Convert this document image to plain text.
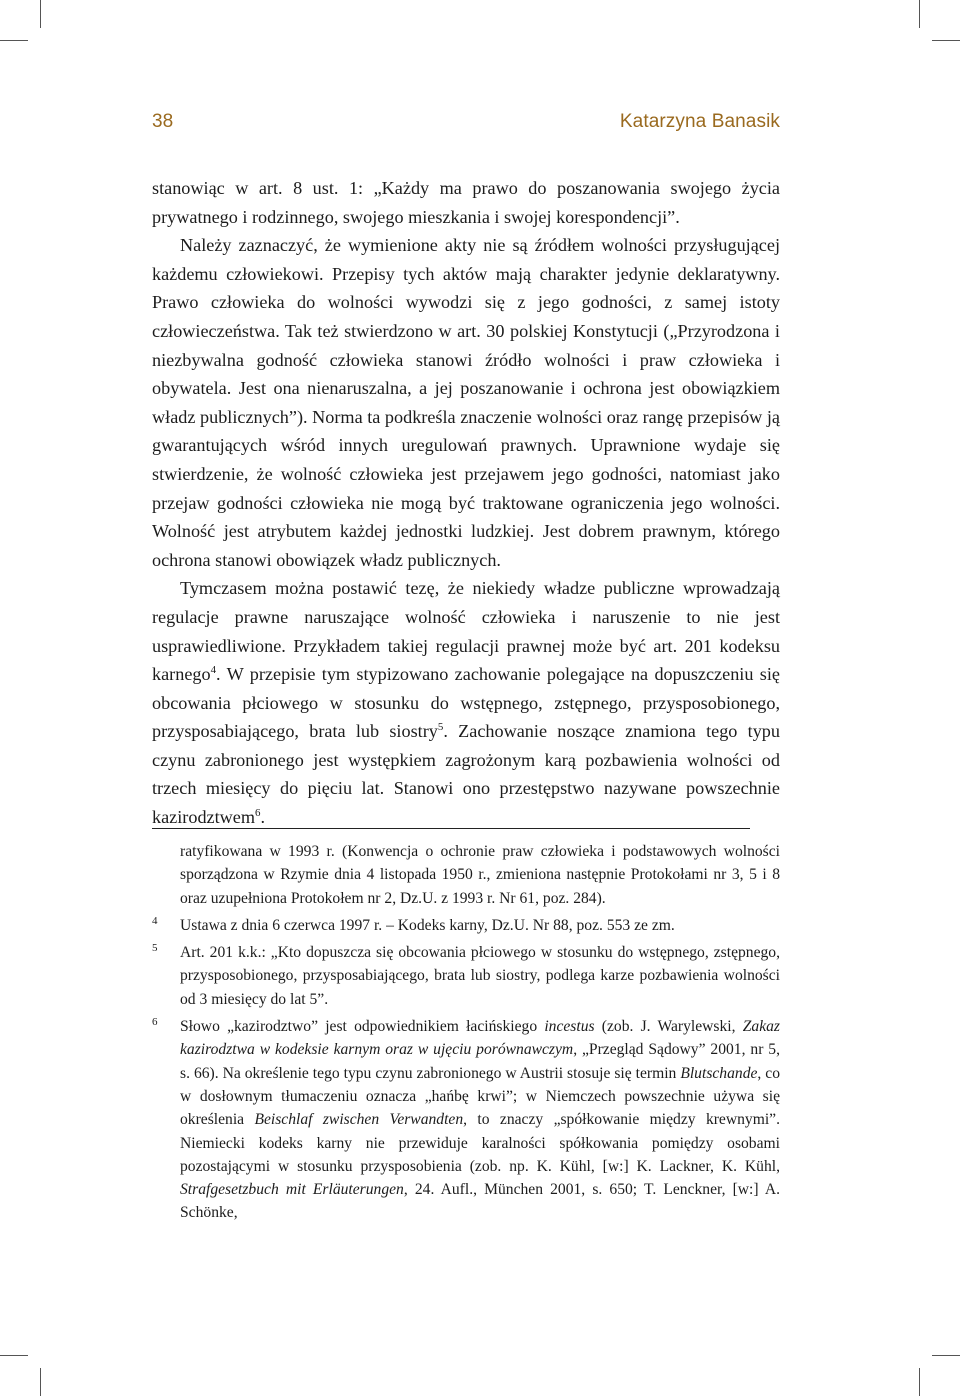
38	Katarzyna Banasik

stanowiąc w art. 8 ust. 1: „Każdy ma prawo do poszanowania swojego życia prywatnego i rodzinnego, swojego mieszkania i swojej korespondencji”.

Należy zaznaczyć, że wymienione akty nie są źródłem wolności przysługującej każdemu człowiekowi. Przepisy tych aktów mają charakter jedynie deklaratywny. Prawo człowieka do wolności wywodzi się z jego godności, z samej istoty człowieczeństwa. Tak też stwierdzono w art. 30 polskiej Konstytucji („Przyrodzona i niezbywalna godność człowieka stanowi źródło wolności i praw człowieka i obywatela. Jest ona nienaruszalna, a jej poszanowanie i ochrona jest obowiązkiem władz publicznych”). Norma ta podkreśla znaczenie wolności oraz rangę przepisów ją gwarantujących wśród innych uregulowań prawnych. Uprawnione wydaje się stwierdzenie, że wolność człowieka jest przejawem jego godności, natomiast jako przejaw godności człowieka nie mogą być traktowane ograniczenia jego wolności. Wolność jest atrybutem każdej jednostki ludzkiej. Jest dobrem prawnym, którego ochrona stanowi obowiązek władz publicznych.

Tymczasem można postawić tezę, że niekiedy władze publiczne wprowadzają regulacje prawne naruszające wolność człowieka i naruszenie to nie jest usprawiedliwione. Przykładem takiej regulacji prawnej może być art. 201 kodeksu karnego$^4$. W przepisie tym stypizowano zachowanie polegające na dopuszczeniu się obcowania płciowego w stosunku do wstępnego, zstępnego, przysposobionego, przysposabiającego, brata lub siostry$^5$. Zachowanie noszące znamiona tego typu czynu zabronionego jest występkiem zagrożonym karą pozbawienia wolności od trzech miesięcy do pięciu lat. Stanowi ono przestępstwo nazywane powszechnie kazirodztwem$^6$.

ratyfikowana w 1993 r. (Konwencja o ochronie praw człowieka i podstawowych wolności sporządzona w Rzymie dnia 4 listopada 1950 r., zmieniona następnie Protokołami nr 3, 5 i 8 oraz uzupełniona Protokołem nr 2, Dz.U. z 1993 r. Nr 61, poz. 284).
4 Ustawa z dnia 6 czerwca 1997 r. – Kodeks karny, Dz.U. Nr 88, poz. 553 ze zm.
5 Art. 201 k.k.: „Kto dopuszcza się obcowania płciowego w stosunku do wstępnego, zstępnego, przysposobionego, przysposabiającego, brata lub siostry, podlega karze pozbawienia wolności od 3 miesięcy do lat 5”.
6 Słowo „kazirodztwo” jest odpowiednikiem łacińskiego incestus (zob. J. Warylewski, Zakaz kazirodztwa w kodeksie karnym oraz w ujęciu porównawczym, „Przegląd Sądowy” 2001, nr 5, s. 66). Na określenie tego typu czynu zabronionego w Austrii stosuje się termin Blutschande, co w dosłownym tłumaczeniu oznacza „hańbę krwi”; w Niemczech powszechnie używa się określenia Beischlaf zwischen Verwandten, to znaczy „spółkowanie między krewnymi”. Niemiecki kodeks karny nie przewiduje karalności spółkowania pomiędzy osobami pozostającymi w stosunku przysposobienia (zob. np. K. Kühl, [w:] K. Lackner, K. Kühl, Strafgesetzbuch mit Erläuterungen, 24. Aufl., München 2001, s. 650; T. Lenckner, [w:] A. Schönke,
